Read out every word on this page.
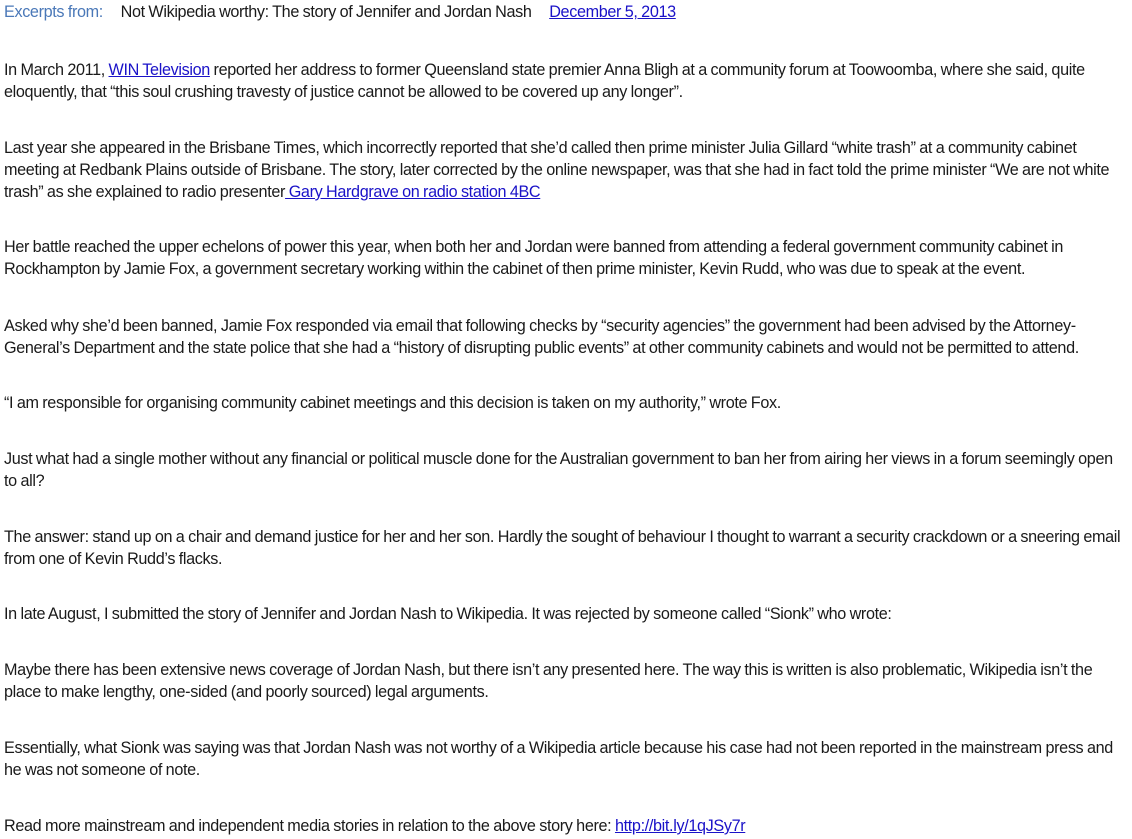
Excerpts from: Not Wikipedia worthy: The story of Jennifer and Jordan Nash December 5, 2013

In March 2011, WIN Television reported her address to former Queensland state premier Anna Bligh at a community forum at Toowoomba, where she said, quite eloquently, that “this soul crushing travesty of justice cannot be allowed to be covered up any longer”.

Last year she appeared in the Brisbane Times, which incorrectly reported that she’d called then prime minister Julia Gillard “white trash” at a community cabinet meeting at Redbank Plains outside of Brisbane. The story, later corrected by the online newspaper, was that she had in fact told the prime minister “We are not white trash” as she explained to radio presenter Gary Hardgrave on radio station 4BC

Her battle reached the upper echelons of power this year, when both her and Jordan were banned from attending a federal government community cabinet in Rockhampton by Jamie Fox, a government secretary working within the cabinet of then prime minister, Kevin Rudd, who was due to speak at the event.

Asked why she’d been banned, Jamie Fox responded via email that following checks by “security agencies” the government had been advised by the Attorney-General’s Department and the state police that she had a “history of disrupting public events” at other community cabinets and would not be permitted to attend.

“I am responsible for organising community cabinet meetings and this decision is taken on my authority,” wrote Fox.

Just what had a single mother without any financial or political muscle done for the Australian government to ban her from airing her views in a forum seemingly open to all?

The answer: stand up on a chair and demand justice for her and her son. Hardly the sought of behaviour I thought to warrant a security crackdown or a sneering email from one of Kevin Rudd’s flacks.

In late August, I submitted the story of Jennifer and Jordan Nash to Wikipedia. It was rejected by someone called “Sionk” who wrote:

Maybe there has been extensive news coverage of Jordan Nash, but there isn’t any presented here. The way this is written is also problematic, Wikipedia isn’t the place to make lengthy, one-sided (and poorly sourced) legal arguments.

Essentially, what Sionk was saying was that Jordan Nash was not worthy of a Wikipedia article because his case had not been reported in the mainstream press and he was not someone of note.

Read more mainstream and independent media stories in relation to the above story here: http://bit.ly/1qJSy7r
